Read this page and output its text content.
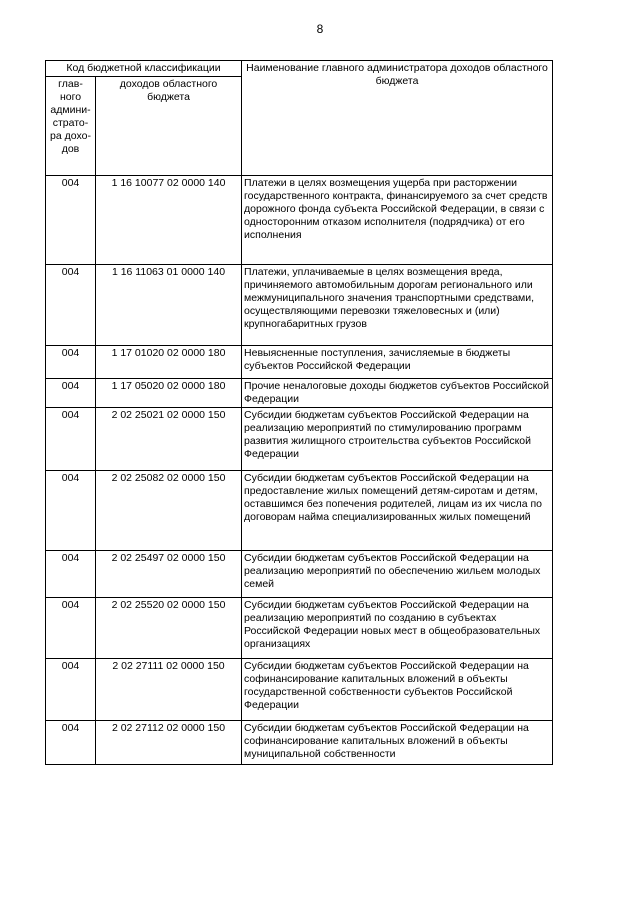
8
Код бюджетной классификации		Наименование главного администратора доходов областного бюджета
глав-ного админи-страто-ра дохо-дов	доходов областного бюджета	
004	1 16 10077 02 0000 140	Платежи в целях возмещения ущерба при расторжении государственного контракта, финансируемого за счет средств дорожного фонда субъекта Российской Федерации, в связи с односторонним отказом исполнителя (подрядчика) от его исполнения
004	1 16 11063 01 0000 140	Платежи, уплачиваемые в целях возмещения вреда, причиняемого автомобильным дорогам регионального или межмуниципального значения транспортными средствами, осуществляющими перевозки тяжеловесных и (или) крупногабаритных грузов
004	1 17 01020 02 0000 180	Невыясненные поступления, зачисляемые в бюджеты субъектов Российской Федерации
004	1 17 05020 02 0000 180	Прочие неналоговые доходы бюджетов субъектов Российской Федерации
004	2 02 25021 02 0000 150	Субсидии бюджетам субъектов Российской Федерации на реализацию мероприятий по стимулированию программ развития жилищного строительства субъектов Российской Федерации
004	2 02 25082 02 0000 150	Субсидии бюджетам субъектов Российской Федерации на предоставление жилых помещений детям-сиротам и детям, оставшимся без попечения родителей, лицам из их числа по договорам найма специализированных жилых помещений
004	2 02 25497 02 0000 150	Субсидии бюджетам субъектов Российской Федерации на реализацию мероприятий по обеспечению жильем молодых семей
004	2 02 25520 02 0000 150	Субсидии бюджетам субъектов Российской Федерации на реализацию мероприятий по созданию в субъектах Российской Федерации новых мест в общеобразовательных организациях
004	2 02 27111 02 0000 150	Субсидии бюджетам субъектов Российской Федерации на софинансирование капитальных вложений в объекты государственной собственности субъектов Российской Федерации
004	2 02 27112 02 0000 150	Субсидии бюджетам субъектов Российской Федерации на софинансирование капитальных вложений в объекты муниципальной собственности
